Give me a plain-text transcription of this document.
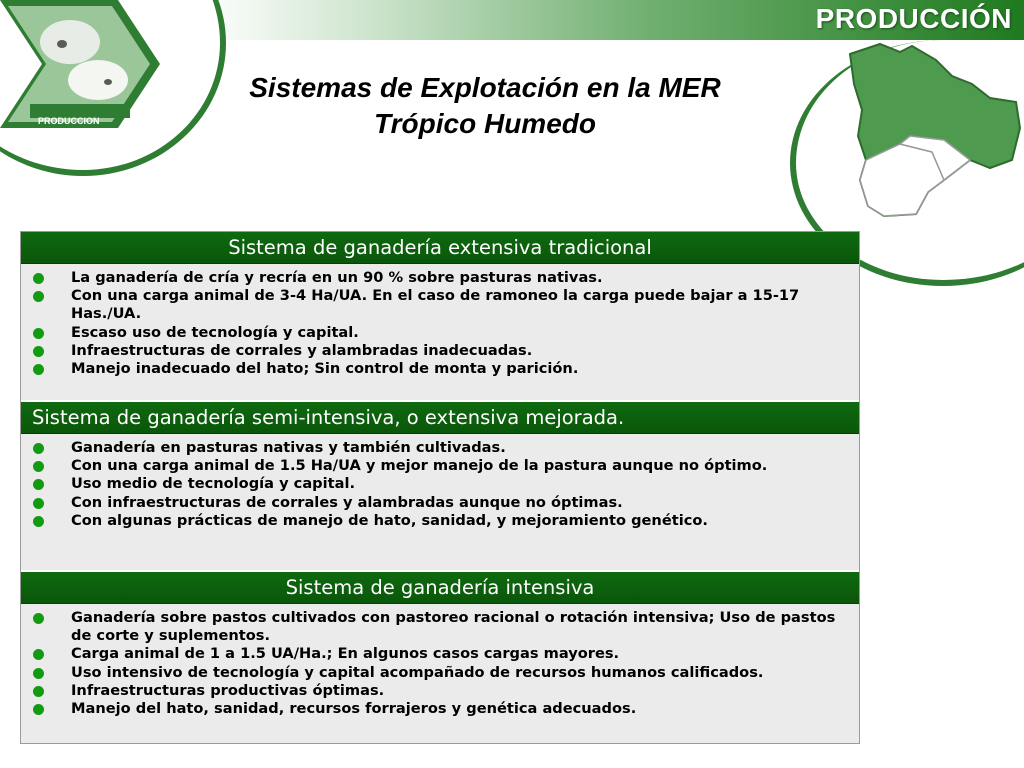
PRODUCCIÓN
PRODUCCION
Sistemas de Explotación en la MER
Trópico Humedo
Sistema de ganadería extensiva tradicional
La ganadería de cría y recría en un 90 % sobre pasturas nativas.
Con una carga animal de 3-4 Ha/UA. En el caso de ramoneo la carga puede bajar a 15-17 Has./UA.
Escaso uso de tecnología y capital.
Infraestructuras de corrales y alambradas inadecuadas.
Manejo inadecuado del hato; Sin control de monta y parición.
Sistema de ganadería semi-intensiva, o extensiva mejorada.
Ganadería en pasturas nativas y también cultivadas.
Con una carga animal de 1.5 Ha/UA y mejor manejo de la pastura aunque no óptimo.
Uso medio de tecnología y capital.
Con infraestructuras de corrales y alambradas aunque no óptimas.
Con algunas prácticas de manejo de hato, sanidad, y mejoramiento genético.
Sistema de ganadería intensiva
Ganadería sobre pastos cultivados con pastoreo racional o rotación intensiva; Uso de pastos de corte y suplementos.
Carga animal de 1 a 1.5 UA/Ha.; En algunos casos cargas mayores.
Uso intensivo de tecnología y capital acompañado de recursos humanos calificados.
Infraestructuras productivas óptimas.
Manejo del hato, sanidad, recursos forrajeros y genética adecuados.
